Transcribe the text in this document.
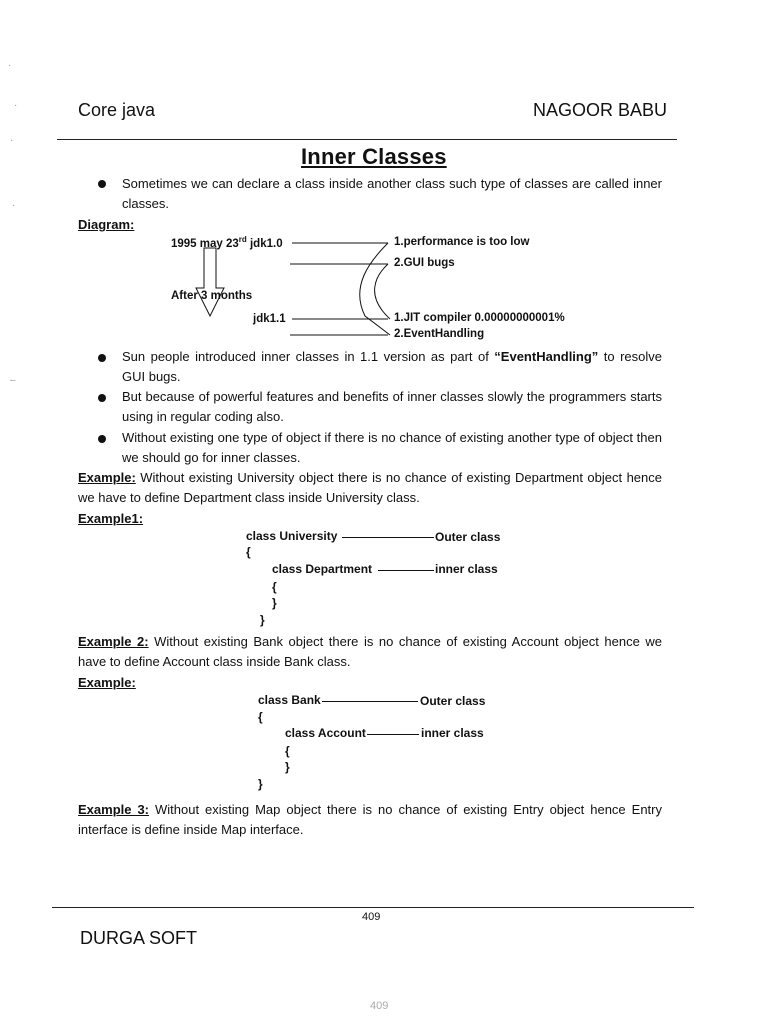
·
·
·
·
–
Core java	NAGOOR BABU
Inner Classes
Sometimes we can declare a class inside another class such type of classes are called inner classes.
Diagram:
1995 may 23rd jdk1.0
After 3 months
jdk1.1
1.performance is too low
2.GUI bugs
1.JIT compiler 0.00000000001%
2.EventHandling
Sun people introduced inner classes in 1.1 version as part of “EventHandling” to resolve GUI bugs.
But because of powerful features and benefits of inner classes slowly the programmers starts using in regular coding also.
Without existing one type of object if there is no chance of existing another type of object then we should go for inner classes.
Example: Without existing University object there is no chance of existing Department object hence we have to define Department class inside University class.
Example1:
class University	Outer class
{
class Department	inner class
{
}
}
Example 2: Without existing Bank object there is no chance of existing Account object hence we have to define Account class inside Bank class.
Example:
class Bank	Outer class
{
class Account	inner class
{
}
}
Example 3: Without existing Map object there is no chance of existing Entry object hence Entry interface is define inside Map interface.
409
DURGA SOFT
409
